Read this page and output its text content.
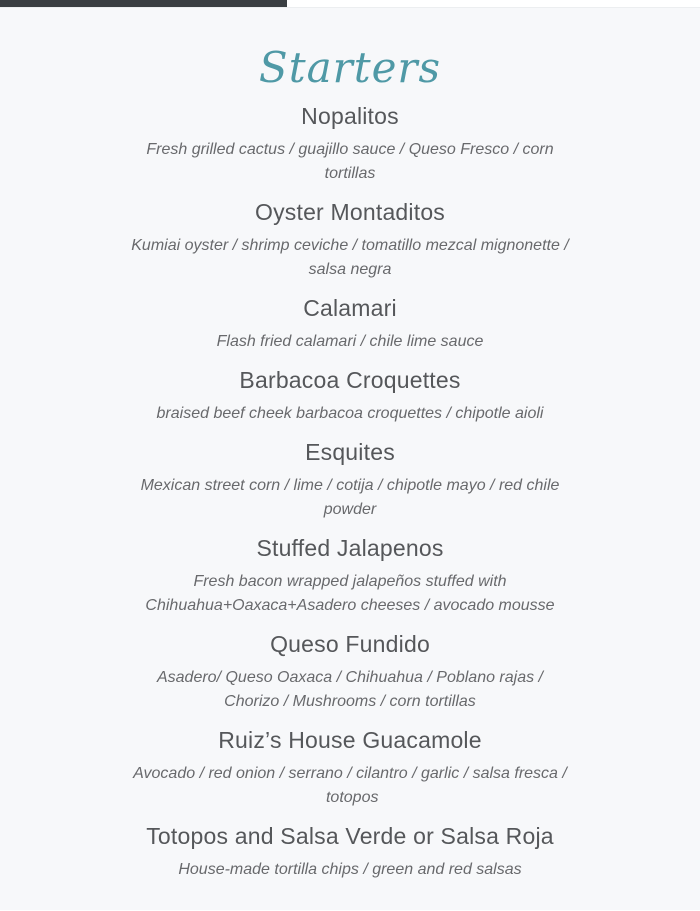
Starters
Nopalitos

Fresh grilled cactus / guajillo sauce / Queso Fresco / corn tortillas

Oyster Montaditos

Kumiai oyster / shrimp ceviche / tomatillo mezcal mignonette / salsa negra

Calamari

Flash fried calamari / chile lime sauce

Barbacoa Croquettes

braised beef cheek barbacoa croquettes / chipotle aioli

Esquites

Mexican street corn / lime / cotija / chipotle mayo / red chile powder

Stuffed Jalapenos

Fresh bacon wrapped jalapeños stuffed with Chihuahua+Oaxaca+Asadero cheeses / avocado mousse

Queso Fundido

Asadero/ Queso Oaxaca / Chihuahua / Poblano rajas / Chorizo / Mushrooms / corn tortillas

Ruiz’s House Guacamole

Avocado / red onion / serrano / cilantro / garlic / salsa fresca /  totopos

Totopos and Salsa Verde or Salsa Roja

House-made tortilla chips / green and red salsas
